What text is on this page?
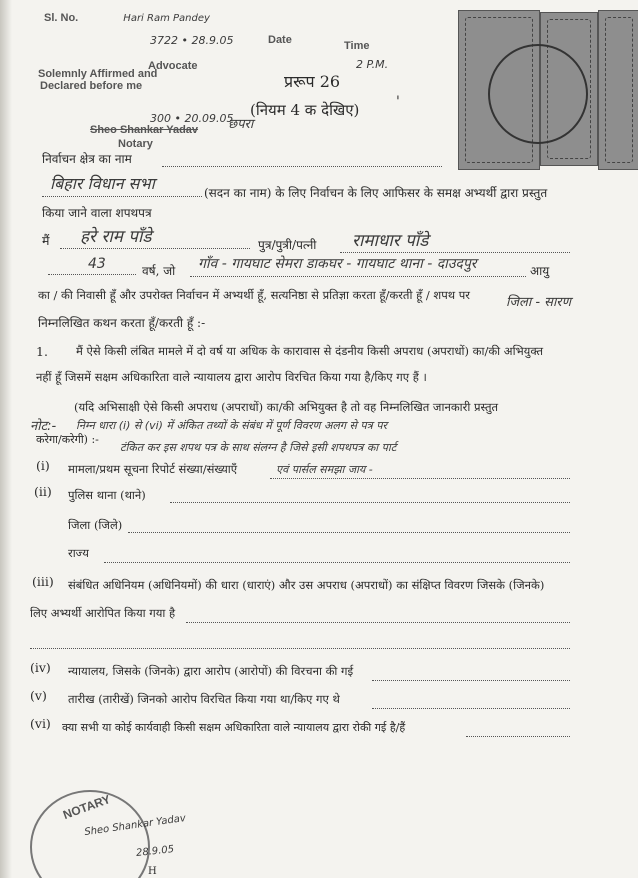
Sl. No.	Hari Ram Pandey
3722 • 28.9.05	Date	Time
2 P.M.
Advocate
Solemnly Affirmed and
Declared before me
300 • 20.09.05
Sheo Shankar Yadav
Notary
छपरा
प्ररूप 26
(नियम 4 क देखिए)
निर्वाचन क्षेत्र का नाम
बिहार विधान सभा	(सदन का नाम) के लिए निर्वाचन के लिए आफिसर के समक्ष अभ्यर्थी द्वारा प्रस्तुत
किया जाने वाला शपथपत्र
मैं हरे राम पाँडे	पुत्र/पुत्री/पत्नी रामाधार पाँडे
43	वर्ष, जो गाँव - गायघाट सेमरा डाकघर - गायघाट थाना - दाउदपुर	आयु
का / की निवासी हूँ और उपरोक्त निर्वाचन में अभ्यर्थी हूँ, सत्यनिष्ठा से प्रतिज्ञा करता हूँ/करती हूँ / शपथ पर	जिला - सारण
निम्नलिखित कथन करता हूँ/करती हूँ :-
1. मैं ऐसे किसी लंबित मामले में दो वर्ष या अधिक के कारावास से दंडनीय किसी अपराध (अपराधों) का/की अभियुक्त
नहीं हूँ जिसमें सक्षम अधिकारिता वाले न्यायालय द्वारा आरोप विरचित किया गया है/किए गए हैं ।
(यदि अभिसाक्षी ऐसे किसी अपराध (अपराधों) का/की अभियुक्त है तो वह निम्नलिखित जानकारी प्रस्तुत
नोट:- निम्न धारा (i) से (vi) में अंकित तथ्यों के संबंध में पूर्ण विवरण अलग से पत्र पर
करेगा/करेगी) :-
टंकित कर इस शपथ पत्र के साथ संलग्न है जिसे इसी शपथपत्र का पार्ट
एवं पार्सल समझा जाय -
(i) मामला/प्रथम सूचना रिपोर्ट संख्या/संख्याएँ
(ii) पुलिस थाना (थाने)
जिला (जिले)
राज्य
(iii) संबंधित अधिनियम (अधिनियमों) की धारा (धाराएं) और उस अपराध (अपराधों) का संक्षिप्त विवरण जिसके (जिनके)
लिए अभ्यर्थी आरोपित किया गया है
(iv) न्यायालय, जिसके (जिनके) द्वारा आरोप (आरोपों) की विरचना की गई
(v) तारीख (तारीखें) जिनको आरोप विरचित किया गया था/किए गए थे
(vi) क्या सभी या कोई कार्यवाही किसी सक्षम अधिकारिता वाले न्यायालय द्वारा रोकी गई है/हैं
NOTARY
Sheo Shankar Yadav
28.9.05
H
'
